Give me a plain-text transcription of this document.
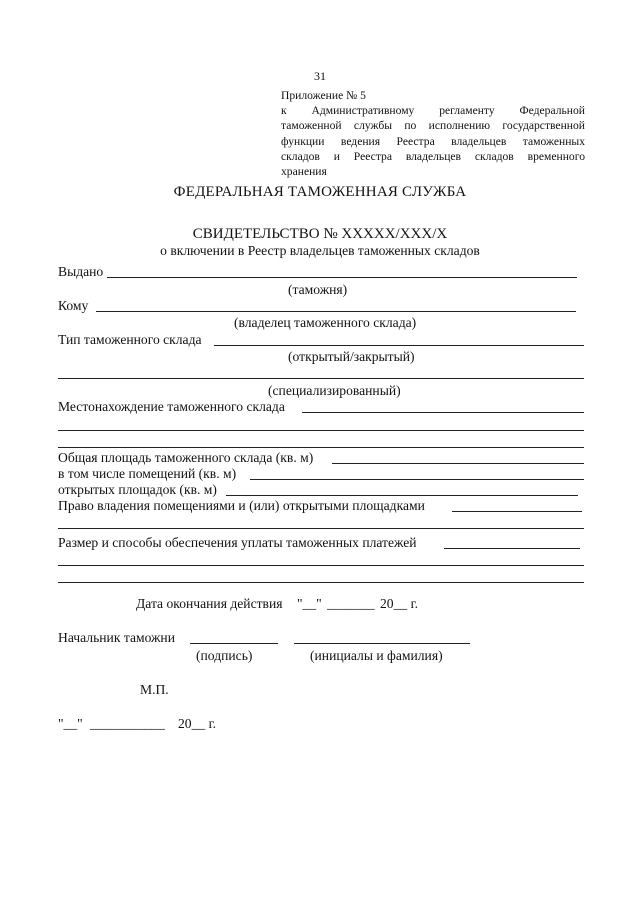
31
Приложение № 5
к Административному регламенту Федеральной
таможенной службы по исполнению государственной
функции ведения Реестра владельцев таможенных
складов и Реестра владельцев складов временного
хранения
ФЕДЕРАЛЬНАЯ ТАМОЖЕННАЯ СЛУЖБА
СВИДЕТЕЛЬСТВО № XXXXX/XXX/X
о включении в Реестр владельцев таможенных складов
Выдано
(таможня)
Кому
(владелец таможенного склада)
Тип таможенного склада
(открытый/закрытый)
(специализированный)
Местонахождение таможенного склада
Общая площадь таможенного склада (кв. м)
в том числе помещений (кв. м)
открытых площадок (кв. м)
Право владения помещениями и (или) открытыми площадками
Размер и способы обеспечения уплаты таможенных платежей
Дата окончания действия "__" _______ 20__ г.
Начальник таможни
(подпись)	(инициалы и фамилия)
М.П.
"__" ___________ 20__ г.
